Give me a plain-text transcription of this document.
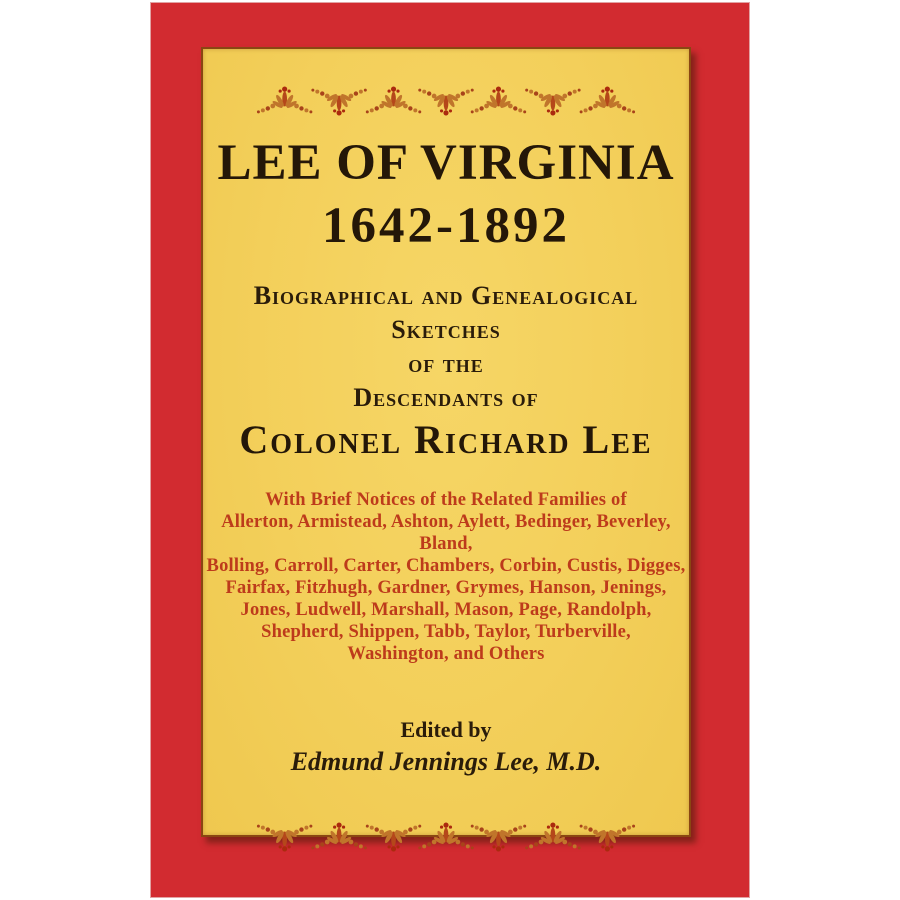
LEE OF VIRGINIA
1642-1892
Biographical and Genealogical
Sketches
of the
Descendants of
Colonel Richard Lee
With Brief Notices of the Related Families of
Allerton, Armistead, Ashton, Aylett, Bedinger, Beverley, Bland,
Bolling, Carroll, Carter, Chambers, Corbin, Custis, Digges,
Fairfax, Fitzhugh, Gardner, Grymes, Hanson, Jenings,
Jones, Ludwell, Marshall, Mason, Page, Randolph,
Shepherd, Shippen, Tabb, Taylor, Turberville,
Washington, and Others
Edited by
Edmund Jennings Lee, M.D.
